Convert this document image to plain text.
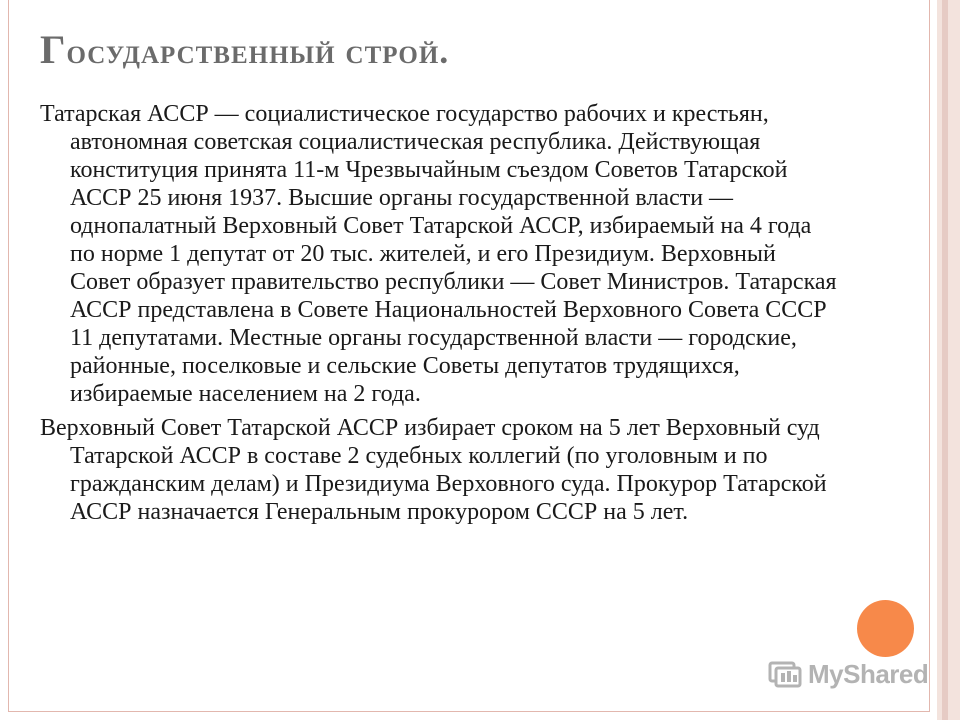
Государственный строй.

Татарская АССР — социалистическое государство рабочих и крестьян, автономная советская социалистическая республика. Действующая конституция принята 11-м Чрезвычайным съездом Советов Татарской АССР 25 июня 1937. Высшие органы государственной власти — однопалатный Верховный Совет Татарской АССР, избираемый на 4 года по норме 1 депутат от 20 тыс. жителей, и его Президиум. Верховный Совет образует правительство республики — Совет Министров. Татарская АССР представлена в Совете Национальностей Верховного Совета СССР 11 депутатами. Местные органы государственной власти — городские, районные, поселковые и сельские Советы депутатов трудящихся, избираемые населением на 2 года.

Верховный Совет Татарской АССР избирает сроком на 5 лет Верховный суд Татарской АССР в составе 2 судебных коллегий (по уголовным и по гражданским делам) и Президиума Верховного суда. Прокурор Татарской АССР назначается Генеральным прокурором СССР на 5 лет.

MyShared
